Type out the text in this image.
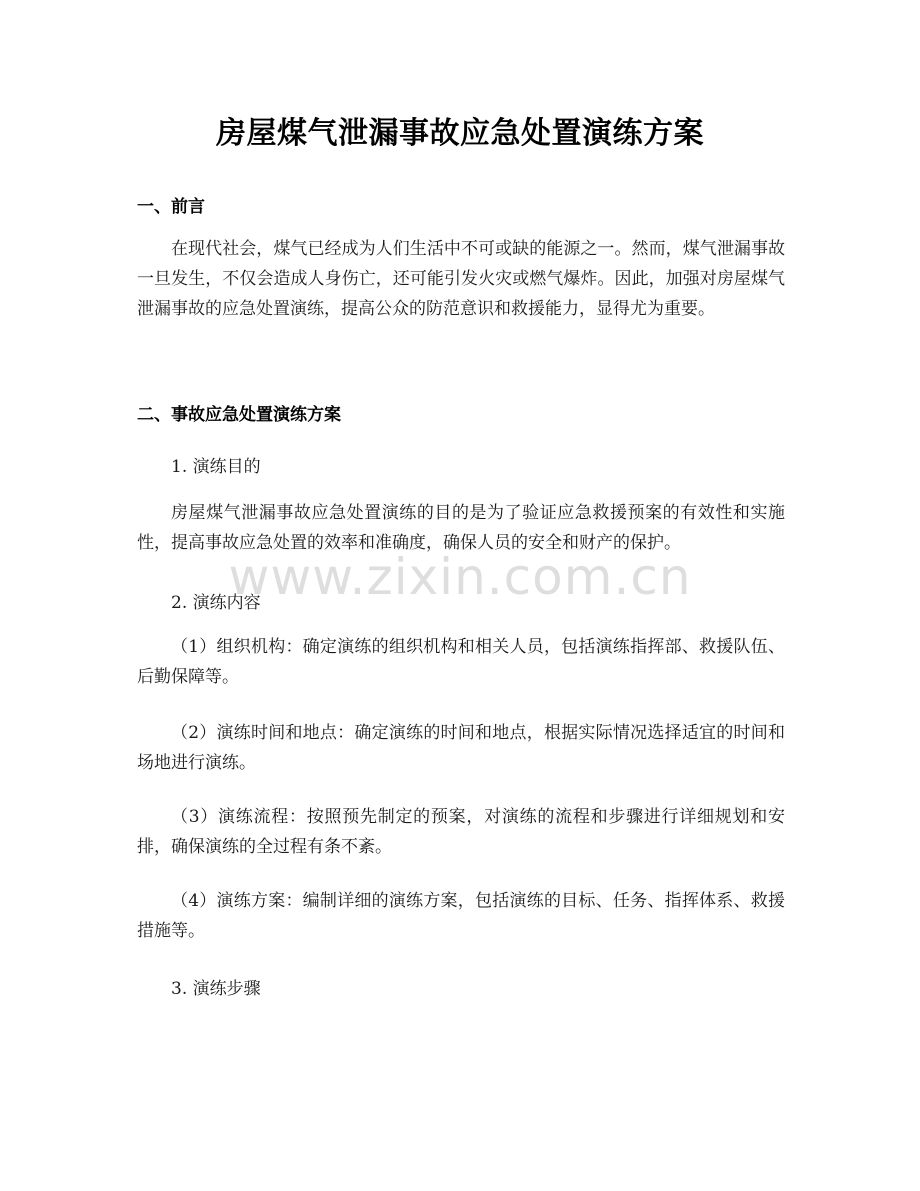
房屋煤气泄漏事故应急处置演练方案
一、前言
在现代社会，煤气已经成为人们生活中不可或缺的能源之一。然而，煤气泄漏事故一旦发生，不仅会造成人身伤亡，还可能引发火灾或燃气爆炸。因此，加强对房屋煤气泄漏事故的应急处置演练，提高公众的防范意识和救援能力，显得尤为重要。
二、事故应急处置演练方案
1. 演练目的
房屋煤气泄漏事故应急处置演练的目的是为了验证应急救援预案的有效性和实施性，提高事故应急处置的效率和准确度，确保人员的安全和财产的保护。
2. 演练内容
（1）组织机构：确定演练的组织机构和相关人员，包括演练指挥部、救援队伍、后勤保障等。
（2）演练时间和地点：确定演练的时间和地点，根据实际情况选择适宜的时间和场地进行演练。
（3）演练流程：按照预先制定的预案，对演练的流程和步骤进行详细规划和安排，确保演练的全过程有条不紊。
（4）演练方案：编制详细的演练方案，包括演练的目标、任务、指挥体系、救援措施等。
3. 演练步骤
www.zixin.com.cn
